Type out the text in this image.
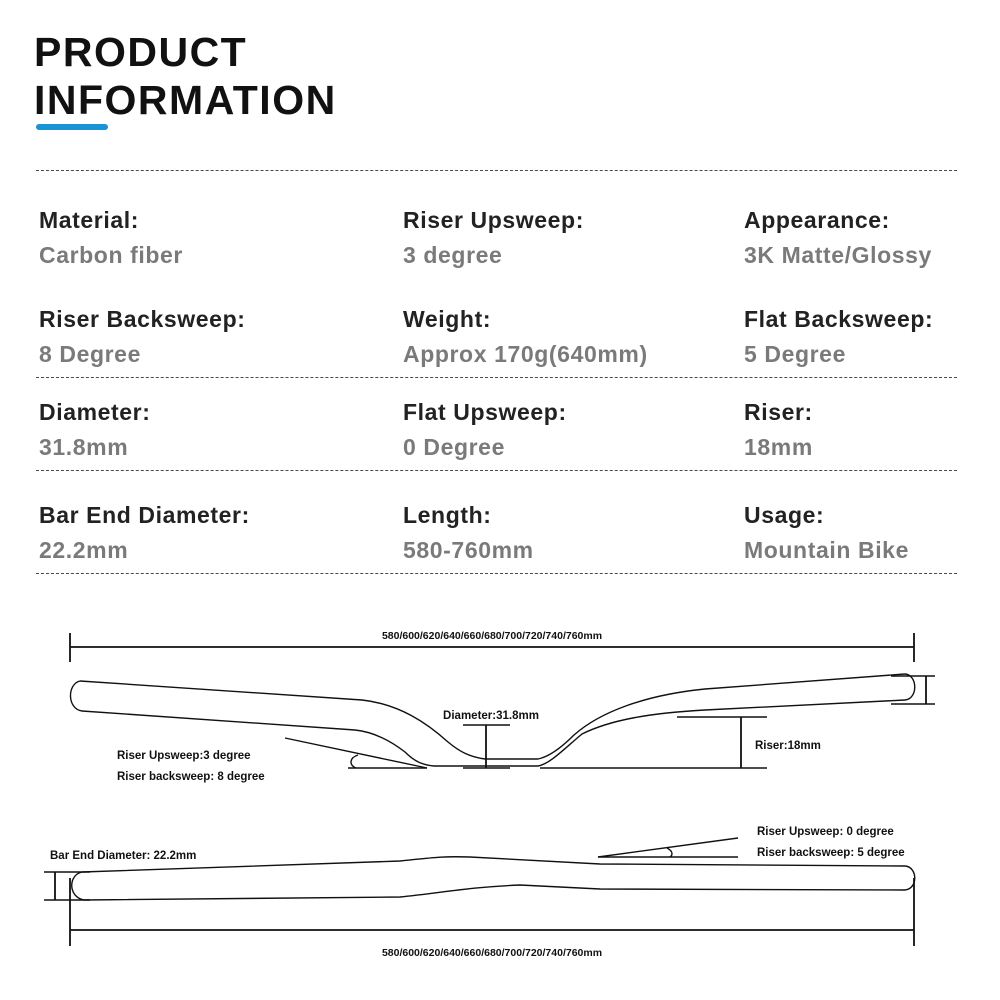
PRODUCT
INFORMATION
Material:
Carbon fiber
Riser Upsweep:
3 degree
Appearance:
3K Matte/Glossy
Riser Backsweep:
8 Degree
Weight:
Approx 170g(640mm)
Flat Backsweep:
5 Degree
Diameter:
31.8mm
Flat Upsweep:
0 Degree
Riser:
18mm
Bar End Diameter:
22.2mm
Length:
580-760mm
Usage:
Mountain Bike
580/600/620/640/660/680/700/720/740/760mm
Diameter:31.8mm
Riser Upsweep:3 degree
Riser backsweep: 8 degree
Riser:18mm
Riser Upsweep: 0 degree
Riser backsweep: 5 degree
Bar End Diameter: 22.2mm
580/600/620/640/660/680/700/720/740/760mm
